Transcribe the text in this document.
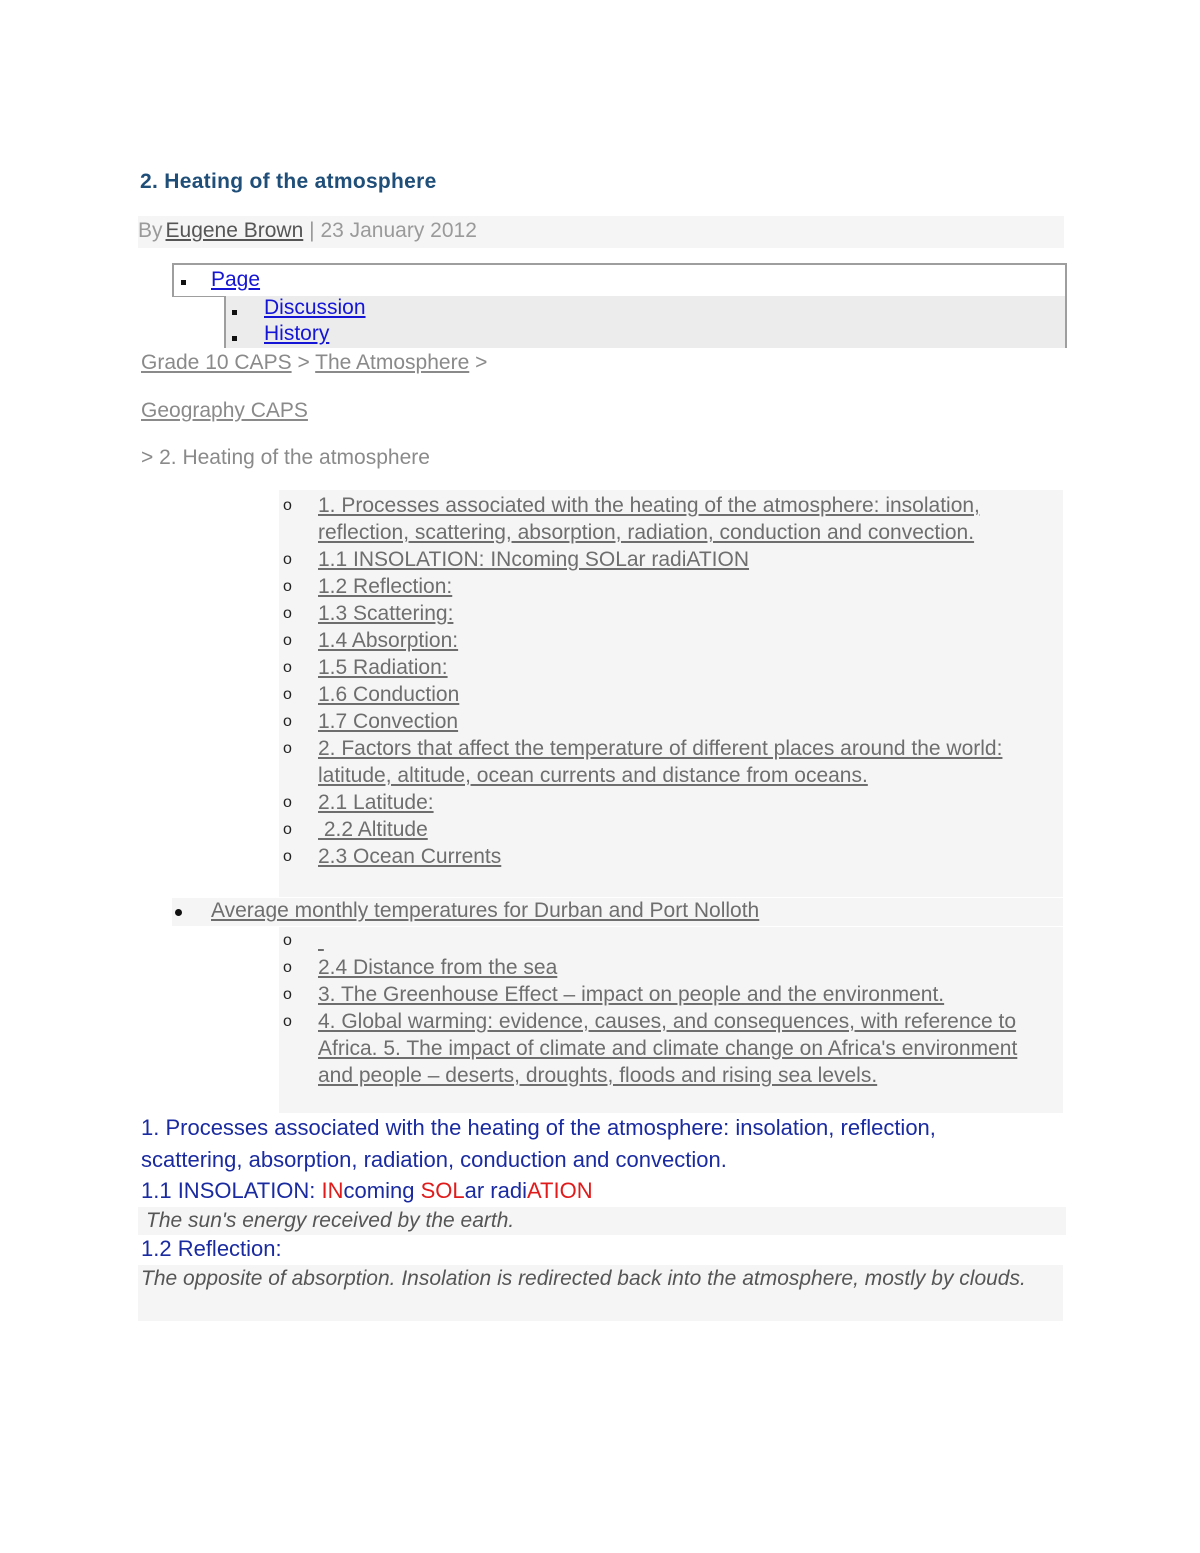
2. Heating of the atmosphere
By Eugene Brown | 23 January 2012
Page
Discussion
History
Grade 10 CAPS > The Atmosphere >
Geography CAPS
> 2. Heating of the atmosphere
o 1. Processes associated with the heating of the atmosphere: insolation, reflection, scattering, absorption, radiation, conduction and convection.
o 1.1 INSOLATION: INcoming SOLar radiATION
o 1.2 Reflection:
o 1.3 Scattering:
o 1.4 Absorption:
o 1.5 Radiation:
o 1.6 Conduction
o 1.7 Convection
o 2. Factors that affect the temperature of different places around the world: latitude, altitude, ocean currents and distance from oceans.
o 2.1 Latitude:
o 2.2 Altitude
o 2.3 Ocean Currents
Average monthly temperatures for Durban and Port Nolloth
o

o 2.4 Distance from the sea
o 3. The Greenhouse Effect – impact on people and the environment.
o 4. Global warming: evidence, causes, and consequences, with reference to Africa. 5. The impact of climate and climate change on Africa's environment and people – deserts, droughts, floods and rising sea levels.
1. Processes associated with the heating of the atmosphere: insolation, reflection, scattering, absorption, radiation, conduction and convection.
1.1 INSOLATION: INcoming SOLar radiATION
The sun's energy received by the earth.
1.2 Reflection:
The opposite of absorption. Insolation is redirected back into the atmosphere, mostly by clouds.
